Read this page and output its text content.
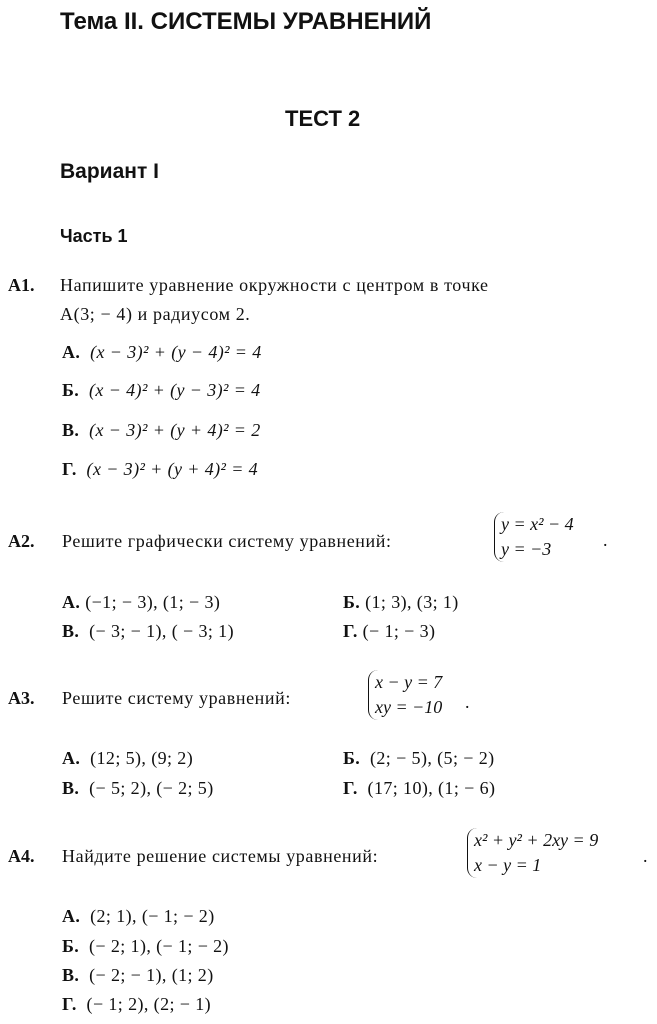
Тема II. СИСТЕМЫ УРАВНЕНИЙ
ТЕСТ 2
Вариант I
Часть 1
А1. Напишите уравнение окружности с центром в точке
A(3; − 4) и радиусом 2.
А. (x − 3)² + (y − 4)² = 4
Б. (x − 4)² + (y − 3)² = 4
В. (x − 3)² + (y + 4)² = 2
Г. (x − 3)² + (y + 4)² = 4
А2. Решите графически систему уравнений:
y = x² − 4
y = −3	.
А. (−1; − 3), (1; − 3)	Б. (1; 3), (3; 1)
В. (− 3; − 1), ( − 3; 1)	Г. (− 1; − 3)
А3. Решите систему уравнений:
x − y = 7
xy = −10 .
А. (12; 5), (9; 2)	Б. (2; − 5), (5; − 2)
В. (− 5; 2), (− 2; 5)	Г. (17; 10), (1; − 6)
А4. Найдите решение системы уравнений:
x² + y² + 2xy = 9
x − y = 1	.
А. (2; 1), (− 1; − 2)
Б. (− 2; 1), (− 1; − 2)
В. (− 2; − 1), (1; 2)
Г. (− 1; 2), (2; − 1)
